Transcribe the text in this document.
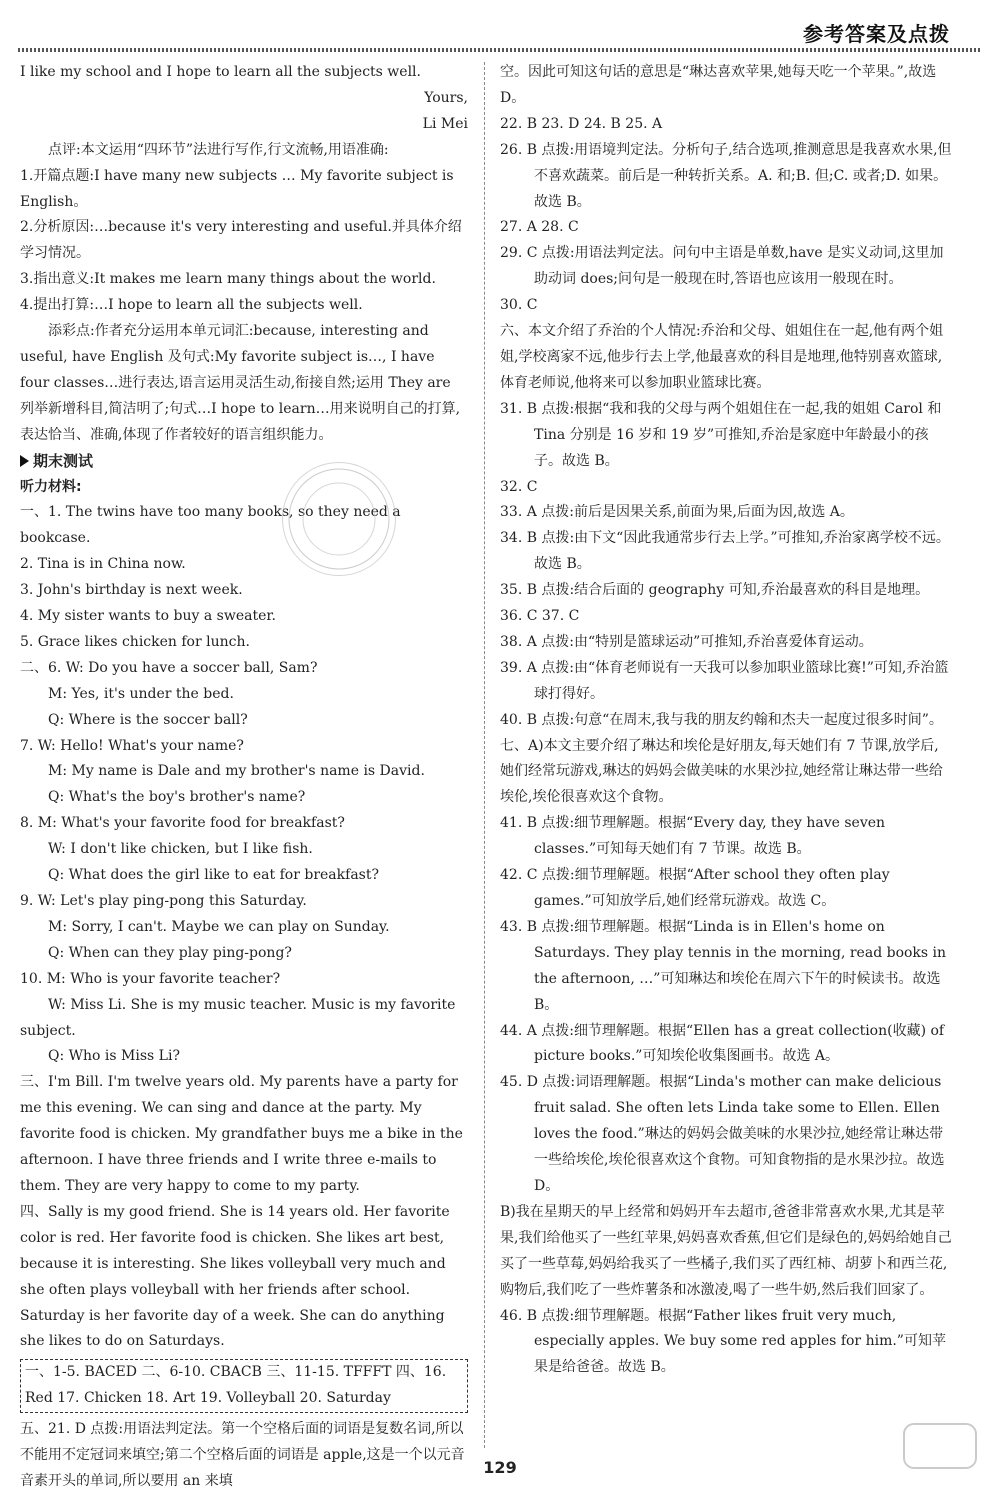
参考答案及点拨

I like my school and I hope to learn all the subjects well.

Yours,

Li Mei

点评:本文运用“四环节”法进行写作,行文流畅,用语准确:

1.开篇点题:I have many new subjects … My favorite subject is English。

2.分析原因:…because it's very interesting and useful.并具体介绍学习情况。

3.指出意义:It makes me learn many things about the world.

4.提出打算:…I hope to learn all the subjects well.

添彩点:作者充分运用本单元词汇:because, interesting and useful, have English 及句式:My favorite subject is…, I have four classes…进行表达,语言运用灵活生动,衔接自然;运用 They are 列举新增科目,简洁明了;句式…I hope to learn…用来说明自己的打算,表达恰当、准确,体现了作者较好的语言组织能力。

期末测试

听力材料:

一、1. The twins have too many books, so they need a bookcase.

2. Tina is in China now.

3. John's birthday is next week.

4. My sister wants to buy a sweater.

5. Grace likes chicken for lunch.

二、6. W: Do you have a soccer ball, Sam?

M: Yes, it's under the bed.

Q: Where is the soccer ball?

7. W: Hello! What's your name?

M: My name is Dale and my brother's name is David.

Q: What's the boy's brother's name?

8. M: What's your favorite food for breakfast?

W: I don't like chicken, but I like fish.

Q: What does the girl like to eat for breakfast?

9. W: Let's play ping-pong this Saturday.

M: Sorry, I can't. Maybe we can play on Sunday.

Q: When can they play ping-pong?

10. M: Who is your favorite teacher?

W: Miss Li. She is my music teacher. Music is my favorite subject.

Q: Who is Miss Li?

三、I'm Bill. I'm twelve years old. My parents have a party for me this evening. We can sing and dance at the party. My favorite food is chicken. My grandfather buys me a bike in the afternoon. I have three friends and I write three e-mails to them. They are very happy to come to my party.

四、Sally is my good friend. She is 14 years old. Her favorite color is red. Her favorite food is chicken. She likes art best, because it is interesting. She likes volleyball very much and she often plays volleyball with her friends after school. Saturday is her favorite day of a week. She can do anything she likes to do on Saturdays.

一、1-5. BACED 二、6-10. CBACB 三、11-15. TFFFT 四、16. Red 17. Chicken 18. Art 19. Volleyball 20. Saturday

五、21. D 点拨:用语法判定法。第一个空格后面的词语是复数名词,所以不能用不定冠词来填空;第二个空格后面的词语是 apple,这是一个以元音音素开头的单词,所以要用 an 来填

空。因此可知这句话的意思是“琳达喜欢苹果,她每天吃一个苹果。”,故选 D。

22. B 23. D 24. B 25. A

26. B 点拨:用语境判定法。分析句子,结合选项,推测意思是我喜欢水果,但不喜欢蔬菜。前后是一种转折关系。A. 和;B. 但;C. 或者;D. 如果。故选 B。

27. A 28. C

29. C 点拨:用语法判定法。问句中主语是单数,have 是实义动词,这里加助动词 does;问句是一般现在时,答语也应该用一般现在时。

30. C

六、本文介绍了乔治的个人情况:乔治和父母、姐姐住在一起,他有两个姐姐,学校离家不远,他步行去上学,他最喜欢的科目是地理,他特别喜欢篮球,体育老师说,他将来可以参加职业篮球比赛。

31. B 点拨:根据“我和我的父母与两个姐姐住在一起,我的姐姐 Carol 和 Tina 分别是 16 岁和 19 岁”可推知,乔治是家庭中年龄最小的孩子。故选 B。

32. C

33. A 点拨:前后是因果关系,前面为果,后面为因,故选 A。

34. B 点拨:由下文“因此我通常步行去上学。”可推知,乔治家离学校不远。故选 B。

35. B 点拨:结合后面的 geography 可知,乔治最喜欢的科目是地理。

36. C 37. C

38. A 点拨:由“特别是篮球运动”可推知,乔治喜爱体育运动。

39. A 点拨:由“体育老师说有一天我可以参加职业篮球比赛!”可知,乔治篮球打得好。

40. B 点拨:句意“在周末,我与我的朋友约翰和杰夫一起度过很多时间”。

七、A)本文主要介绍了琳达和埃伦是好朋友,每天她们有 7 节课,放学后,她们经常玩游戏,琳达的妈妈会做美味的水果沙拉,她经常让琳达带一些给埃伦,埃伦很喜欢这个食物。

41. B 点拨:细节理解题。根据“Every day, they have seven classes.”可知每天她们有 7 节课。故选 B。

42. C 点拨:细节理解题。根据“After school they often play games.”可知放学后,她们经常玩游戏。故选 C。

43. B 点拨:细节理解题。根据“Linda is in Ellen's home on Saturdays. They play tennis in the morning, read books in the afternoon, …”可知琳达和埃伦在周六下午的时候读书。故选 B。

44. A 点拨:细节理解题。根据“Ellen has a great collection(收藏) of picture books.”可知埃伦收集图画书。故选 A。

45. D 点拨:词语理解题。根据“Linda's mother can make delicious fruit salad. She often lets Linda take some to Ellen. Ellen loves the food.”琳达的妈妈会做美味的水果沙拉,她经常让琳达带一些给埃伦,埃伦很喜欢这个食物。可知食物指的是水果沙拉。故选 D。

B)我在星期天的早上经常和妈妈开车去超市,爸爸非常喜欢水果,尤其是苹果,我们给他买了一些红苹果,妈妈喜欢香蕉,但它们是绿色的,妈妈给她自己买了一些草莓,妈妈给我买了一些橘子,我们买了西红柿、胡萝卜和西兰花,购物后,我们吃了一些炸薯条和冰激凌,喝了一些牛奶,然后我们回家了。

46. B 点拨:细节理解题。根据“Father likes fruit very much, especially apples. We buy some red apples for him.”可知苹果是给爸爸。故选 B。

129
